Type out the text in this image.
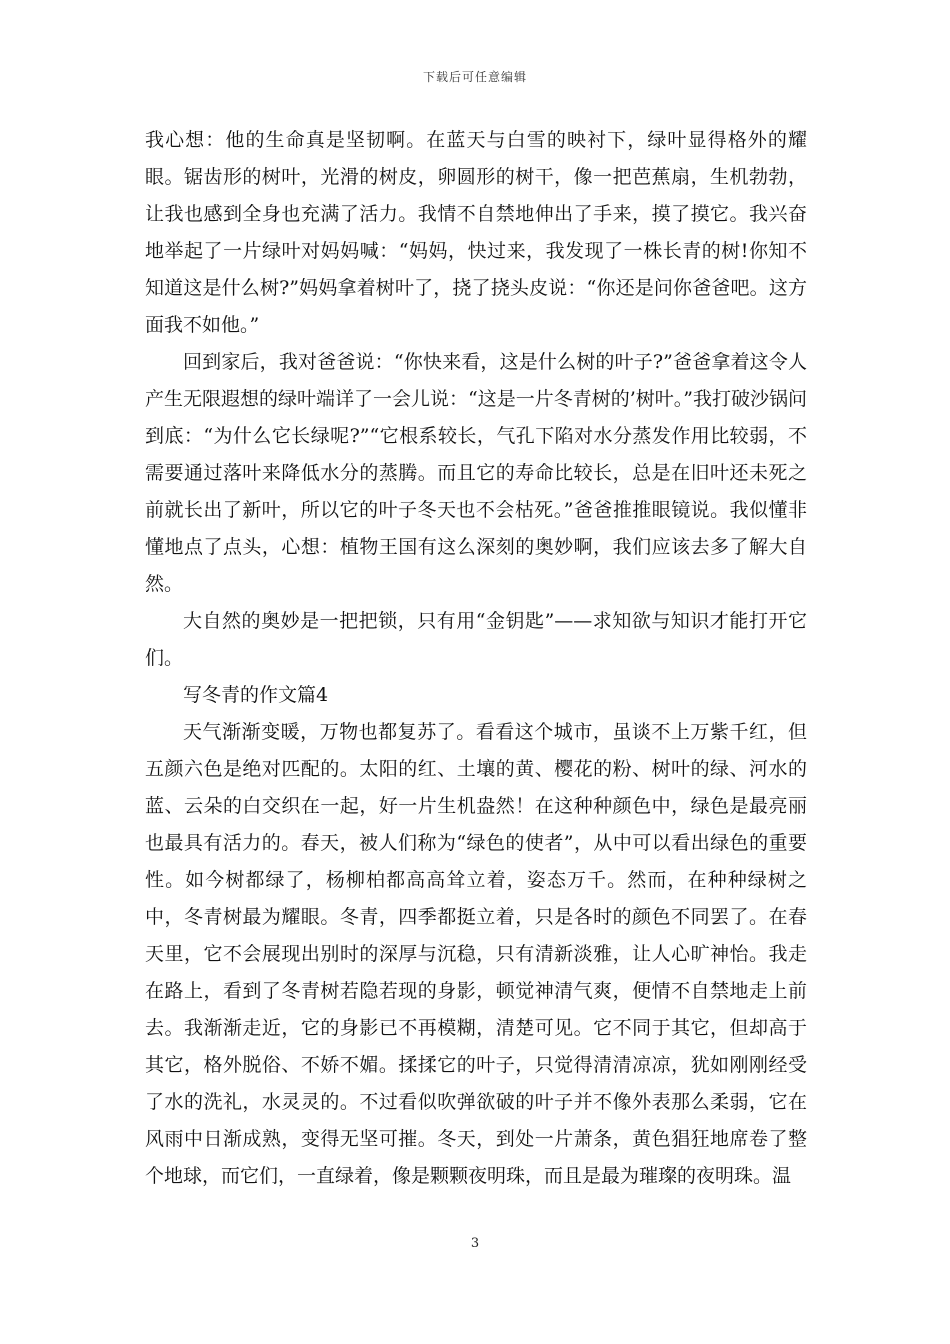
下载后可任意编辑

我心想：他的生命真是坚韧啊。在蓝天与白雪的映衬下，绿叶显得格外的耀眼。锯齿形的树叶，光滑的树皮，卵圆形的树干，像一把芭蕉扇，生机勃勃，让我也感到全身也充满了活力。我情不自禁地伸出了手来，摸了摸它。我兴奋地举起了一片绿叶对妈妈喊：“妈妈，快过来，我发现了一株长青的树!你知不知道这是什么树?”妈妈拿着树叶了，挠了挠头皮说：“你还是问你爸爸吧。这方面我不如他。”

回到家后，我对爸爸说：“你快来看，这是什么树的叶子?”爸爸拿着这令人产生无限遐想的绿叶端详了一会儿说：“这是一片冬青树的’树叶。”我打破沙锅问到底：“为什么它长绿呢?”“它根系较长，气孔下陷对水分蒸发作用比较弱，不需要通过落叶来降低水分的蒸腾。而且它的寿命比较长，总是在旧叶还未死之前就长出了新叶，所以它的叶子冬天也不会枯死。”爸爸推推眼镜说。我似懂非懂地点了点头，心想：植物王国有这么深刻的奥妙啊，我们应该去多了解大自然。

大自然的奥妙是一把把锁，只有用“金钥匙”——求知欲与知识才能打开它们。

写冬青的作文篇4

天气渐渐变暖，万物也都复苏了。看看这个城市，虽谈不上万紫千红，但五颜六色是绝对匹配的。太阳的红、土壤的黄、樱花的粉、树叶的绿、河水的蓝、云朵的白交织在一起，好一片生机盎然！在这种种颜色中，绿色是最亮丽也最具有活力的。春天，被人们称为“绿色的使者”，从中可以看出绿色的重要性。如今树都绿了，杨柳柏都高高耸立着，姿态万千。然而，在种种绿树之中，冬青树最为耀眼。冬青，四季都挺立着，只是各时的颜色不同罢了。在春天里，它不会展现出别时的深厚与沉稳，只有清新淡雅，让人心旷神怡。我走在路上，看到了冬青树若隐若现的身影，顿觉神清气爽，便情不自禁地走上前去。我渐渐走近，它的身影已不再模糊，清楚可见。它不同于其它，但却高于其它，格外脱俗、不娇不媚。揉揉它的叶子，只觉得清清凉凉，犹如刚刚经受了水的洗礼，水灵灵的。不过看似吹弹欲破的叶子并不像外表那么柔弱，它在风雨中日渐成熟，变得无坚可摧。冬天，到处一片萧条，黄色猖狂地席卷了整个地球，而它们，一直绿着，像是颗颗夜明珠，而且是最为璀璨的夜明珠。温

3
